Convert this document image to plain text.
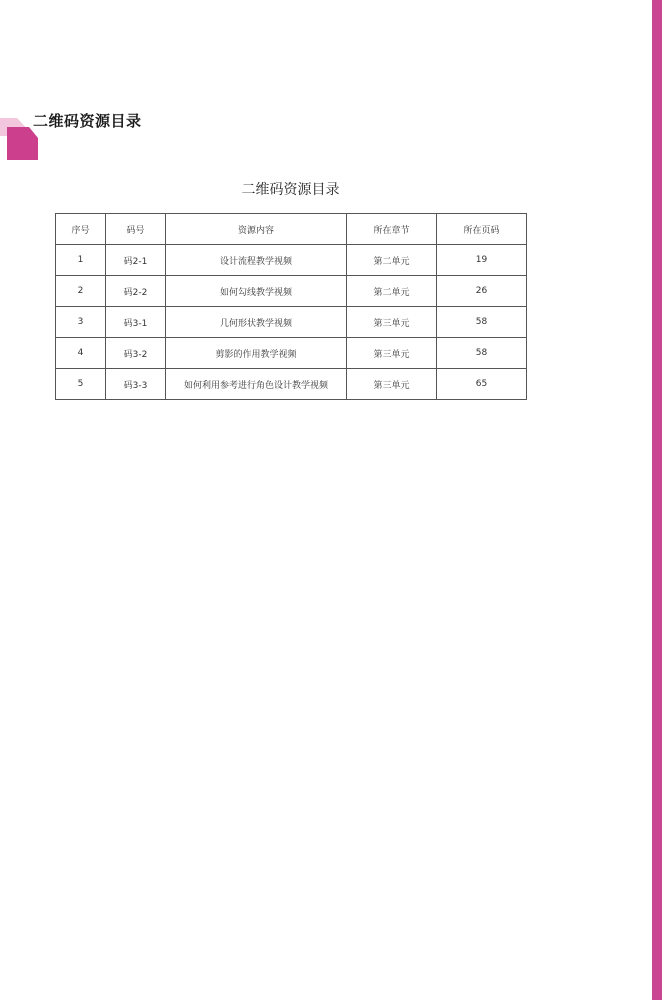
二维码资源目录
二维码资源目录
序号	码号	资源内容	所在章节	所在页码
1	码2-1	设计流程教学视频	第二单元	19
2	码2-2	如何勾线教学视频	第二单元	26
3	码3-1	几何形状教学视频	第三单元	58
4	码3-2	剪影的作用教学视频	第三单元	58
5	码3-3	如何利用参考进行角色设计教学视频	第三单元	65
